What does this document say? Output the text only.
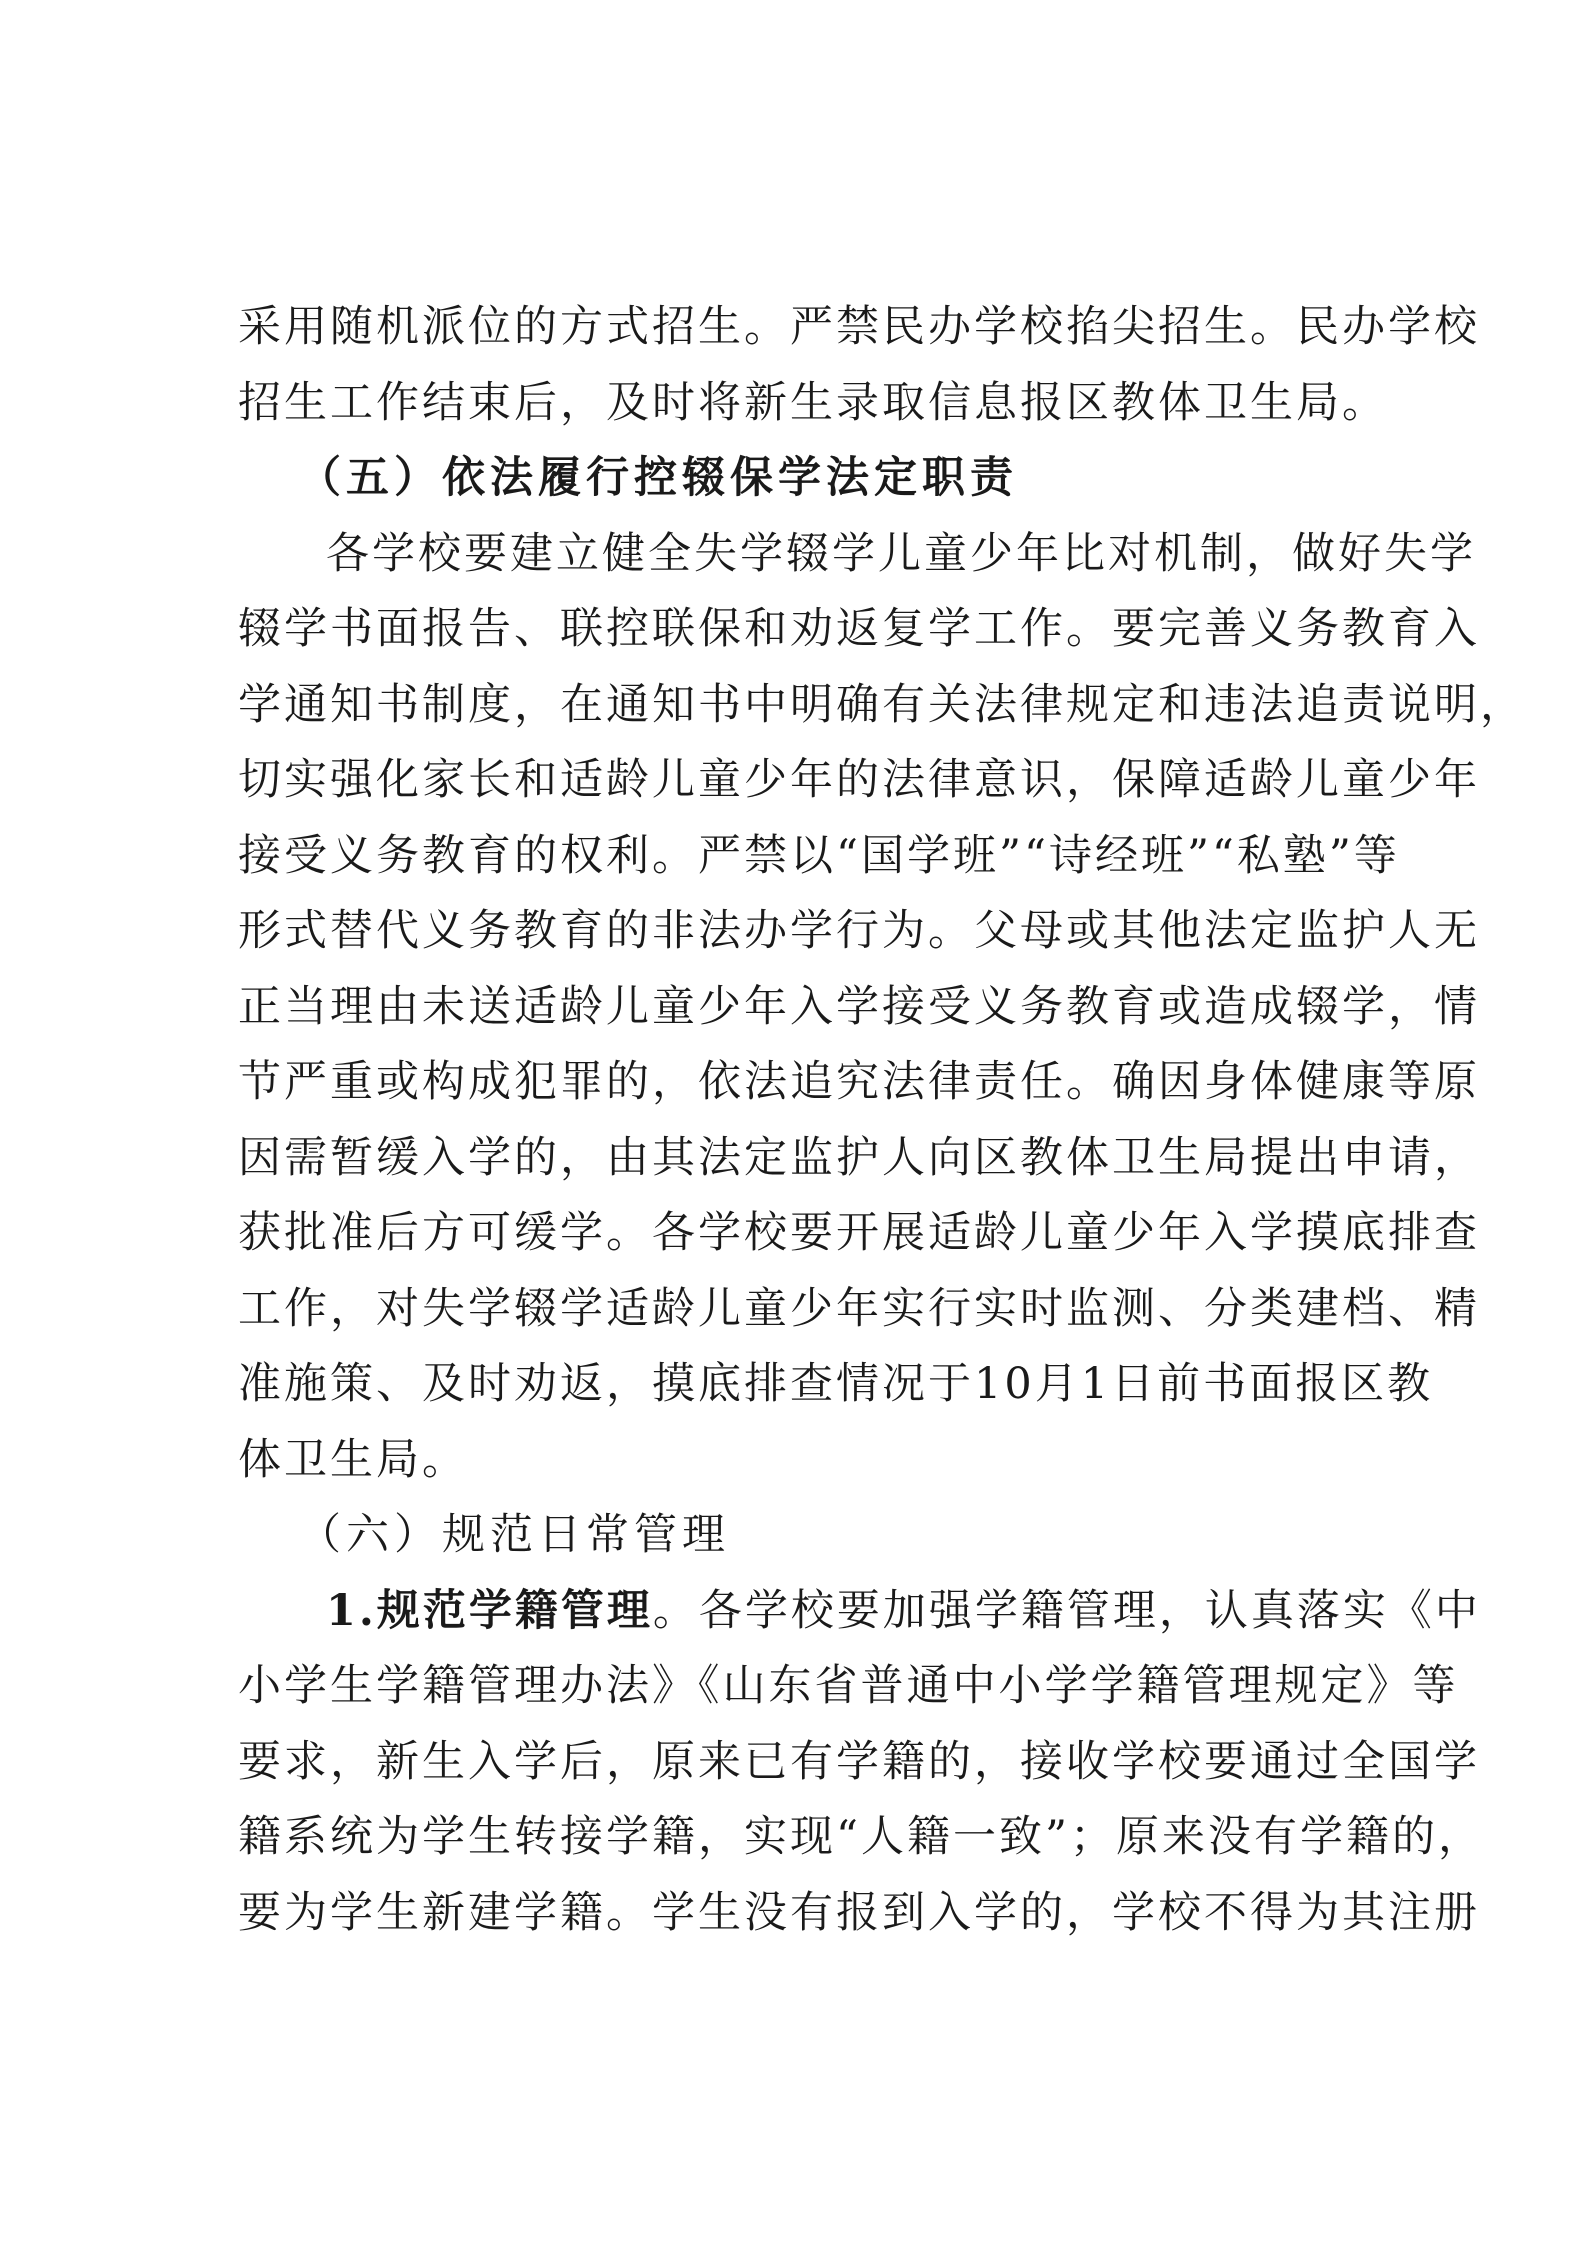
采用随机派位的方式招生。严禁民办学校掐尖招生。民办学校
招生工作结束后，及时将新生录取信息报区教体卫生局。
（五）依法履行控辍保学法定职责
各学校要建立健全失学辍学儿童少年比对机制，做好失学
辍学书面报告、联控联保和劝返复学工作。要完善义务教育入
学通知书制度，在通知书中明确有关法律规定和违法追责说明，
切实强化家长和适龄儿童少年的法律意识，保障适龄儿童少年
接受义务教育的权利。严禁以“国学班”“诗经班”“私塾”等
形式替代义务教育的非法办学行为。父母或其他法定监护人无
正当理由未送适龄儿童少年入学接受义务教育或造成辍学，情
节严重或构成犯罪的，依法追究法律责任。确因身体健康等原
因需暂缓入学的，由其法定监护人向区教体卫生局提出申请，
获批准后方可缓学。各学校要开展适龄儿童少年入学摸底排查
工作，对失学辍学适龄儿童少年实行实时监测、分类建档、精
准施策、及时劝返，摸底排查情况于10月1日前书面报区教
体卫生局。
（六）规范日常管理
1.规范学籍管理。各学校要加强学籍管理，认真落实《中
小学生学籍管理办法》《山东省普通中小学学籍管理规定》等
要求，新生入学后，原来已有学籍的，接收学校要通过全国学
籍系统为学生转接学籍，实现“人籍一致”；原来没有学籍的，
要为学生新建学籍。学生没有报到入学的，学校不得为其注册
